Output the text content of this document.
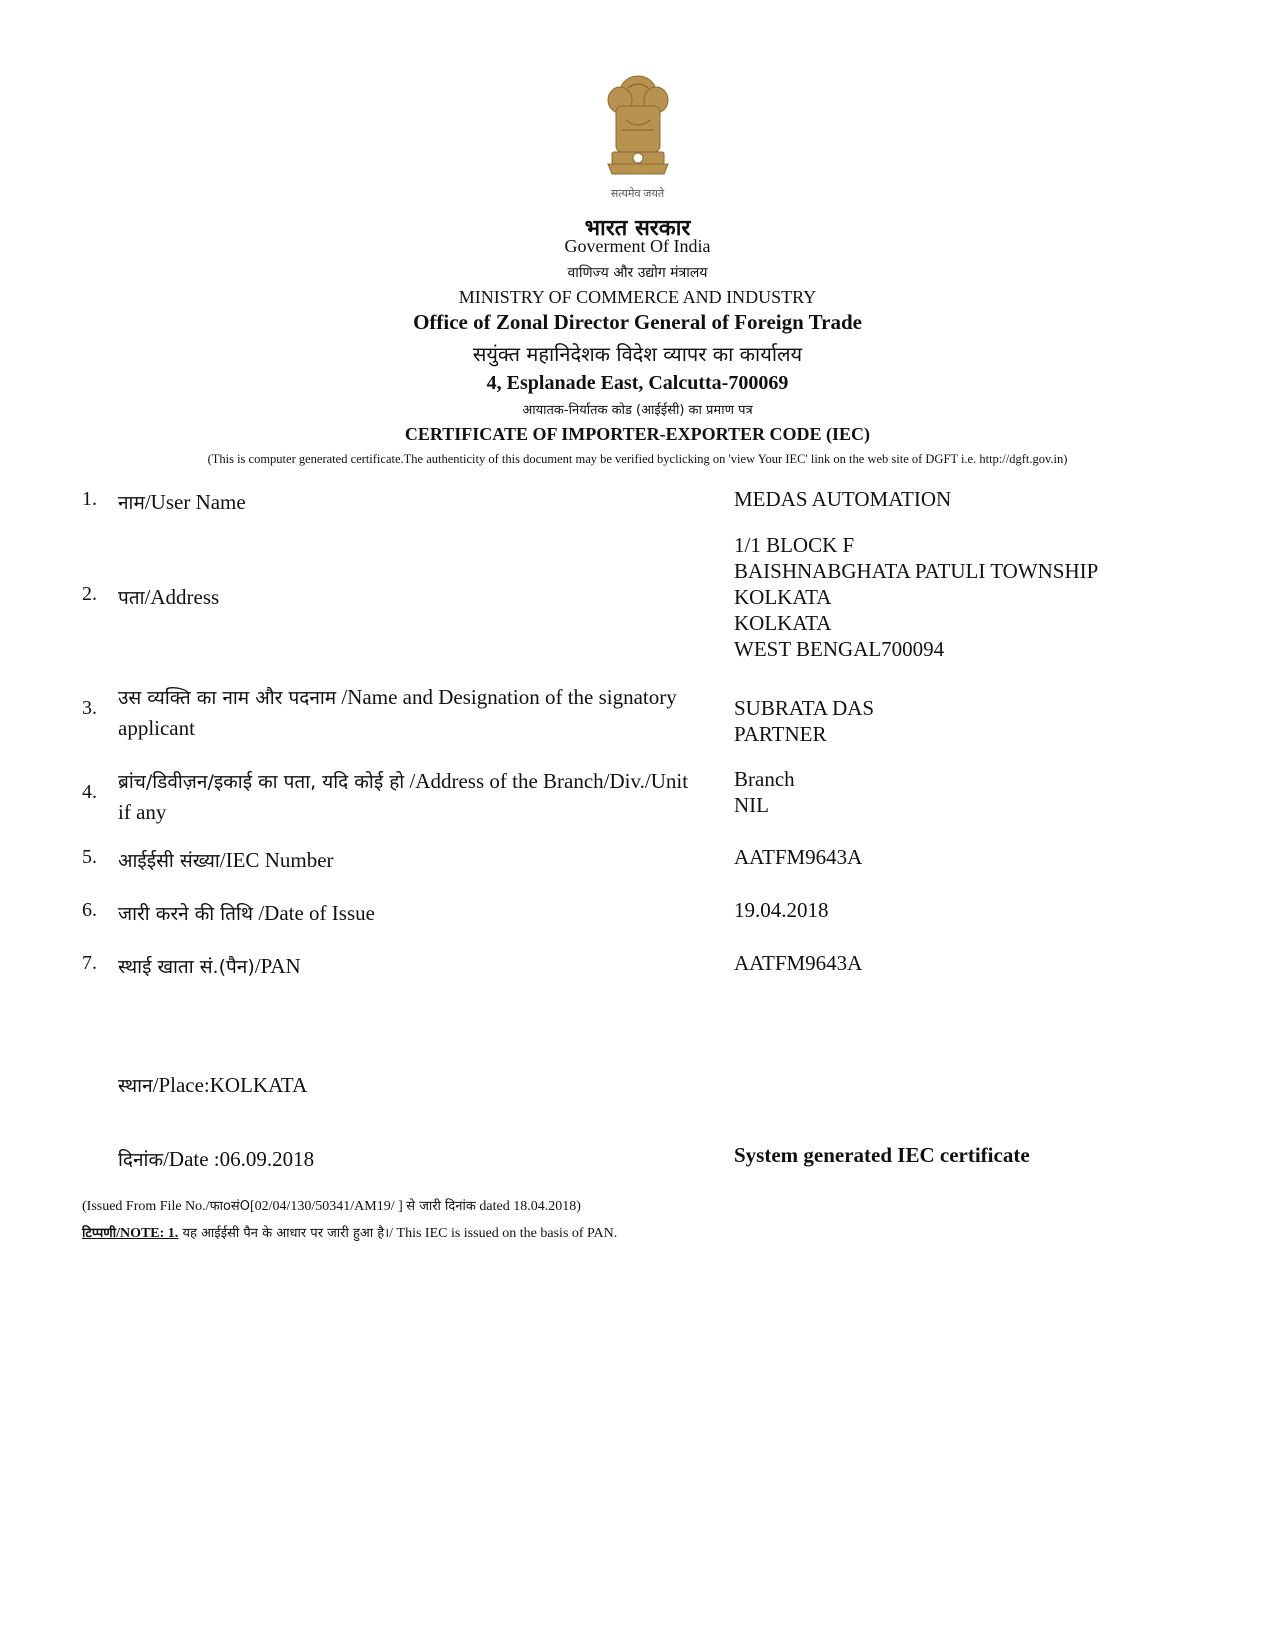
सत्यमेव जयते
भारत सरकार
Goverment Of India
वाणिज्य और उद्योग मंत्रालय
MINISTRY OF COMMERCE AND INDUSTRY
Office of Zonal Director General of Foreign Trade
सयुंक्त महानिदेशक विदेश व्यापर का कार्यालय
4, Esplanade East, Calcutta-700069
आयातक-निर्यातक कोड (आईईसी) का प्रमाण पत्र
CERTIFICATE OF IMPORTER-EXPORTER CODE (IEC)
(This is computer generated certificate.The authenticity of this document may be verified byclicking on 'view Your IEC' link on the web site of DGFT i.e. http://dgft.gov.in)
1. नाम/User Name	MEDAS AUTOMATION
2. पता/Address
1/1 BLOCK F
BAISHNABGHATA PATULI TOWNSHIP
KOLKATA
KOLKATA
WEST BENGAL700094
3. उस व्यक्ति का नाम और पदनाम /Name and Designation of the signatory applicant
SUBRATA DAS
PARTNER
4. ब्रांच/डिवीज़न/इकाई का पता, यदि कोई हो /Address of the Branch/Div./Unit if any
Branch
NIL
5. आईईसी संख्या/IEC Number	AATFM9643A
6. जारी करने की तिथि /Date of Issue	19.04.2018
7. स्थाई खाता सं.(पैन)/PAN	AATFM9643A
स्थान/Place:KOLKATA
दिनांक/Date :06.09.2018	System generated IEC certificate
(Issued From File No./फाoसंO[02/04/130/50341/AM19/ ] से जारी दिनांक dated 18.04.2018)
टिप्पणी/NOTE: 1. यह आईईसी पैन के आधार पर जारी हुआ है।/ This IEC is issued on the basis of PAN.
